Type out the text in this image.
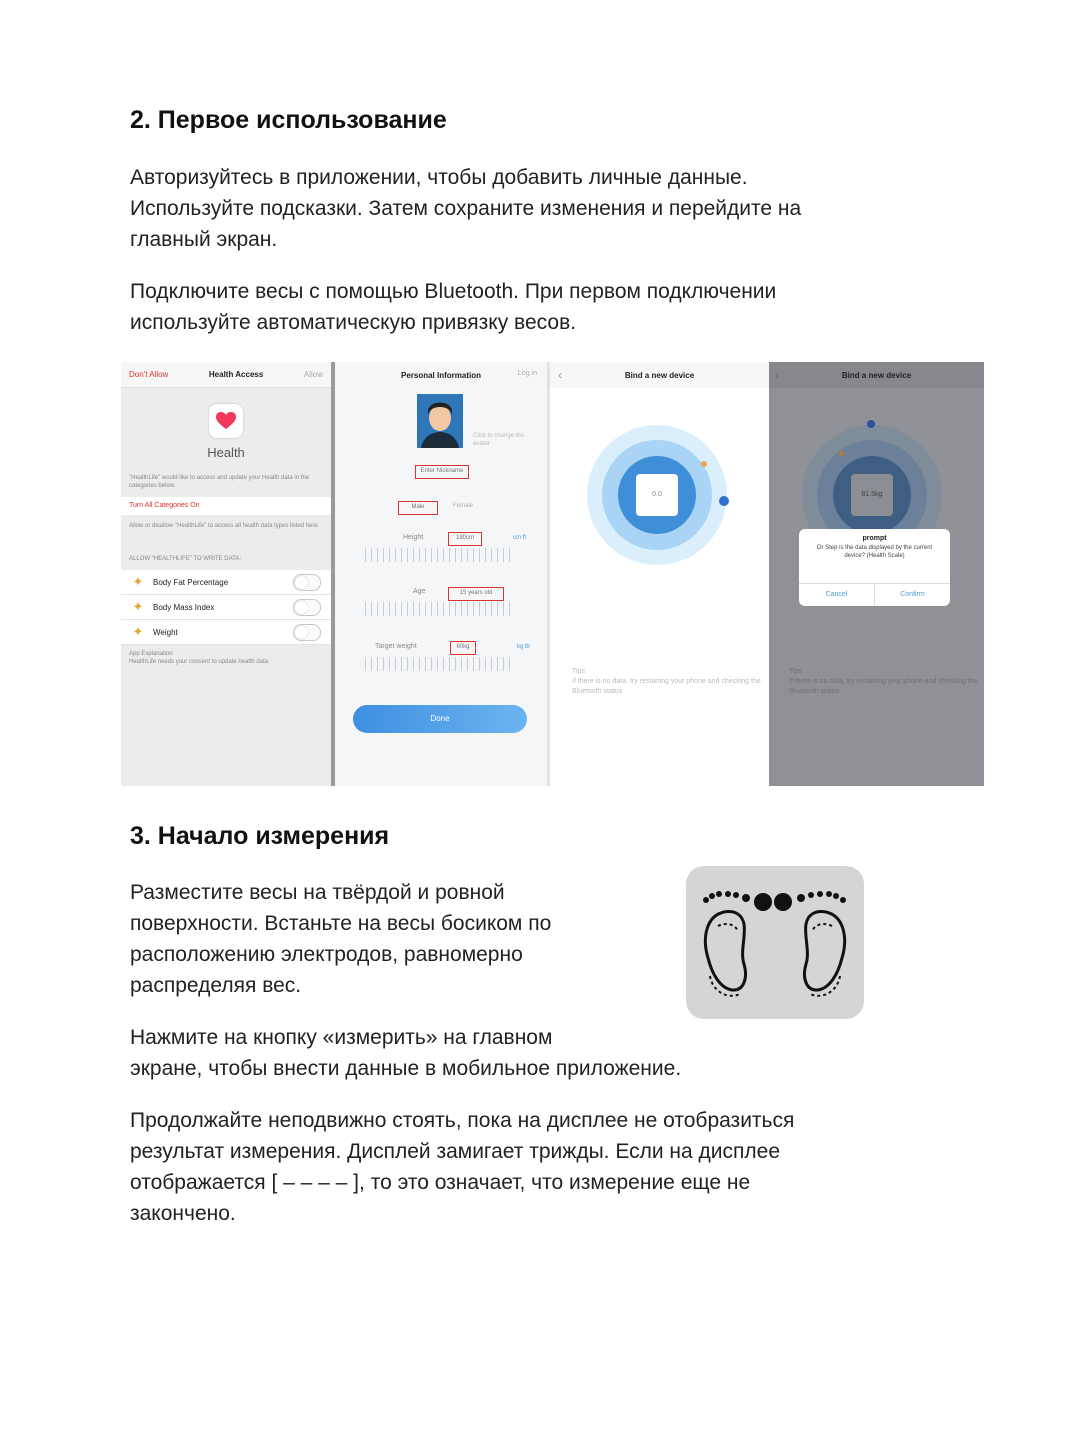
2. Первое использование

Авторизуйтесь в приложении, чтобы добавить личные данные.
Используйте подсказки. Затем сохраните изменения и перейдите на
главный экран.

Подключите весы с помощью Bluetooth. При первом подключении
используйте автоматическую привязку весов.

Don't Allow	Health Access	Allow
Health
"HealthLife" would like to access and update your Health data in the categories below.
Turn All Categories On
Allow or disallow "HealthLife" to access all health data types listed here.
ALLOW "HEALTHLIFE" TO WRITE DATA:
✦ Body Fat Percentage
✦ Body Mass Index
✦ Weight
App Explanation
HealthLife needs your consent to update health data
Personal Information	Log in
Click to change the avatar
Enter Nickname
Male	Female
Height	180cm	cm ft
Age	15 years old
Target weight	60kg	kg lb
Done
Bind a new device
‹
0.0
Tips
If there is no data, try restarting your phone and checking the Bluetooth status
Bind a new device
‹
81.5kg
prompt
Or Step is the data displayed by the current device? (Health Scale)
Cancel	Confirm
Tips
If there is no data, try restarting your phone and checking the Bluetooth status
3. Начало измерения

Разместите весы на твёрдой и ровной
поверхности. Встаньте на весы босиком по
расположению электродов, равномерно
распределяя вес.

Нажмите на кнопку «измерить» на главном
экране, чтобы внести данные в мобильное приложение.

Продолжайте неподвижно стоять, пока на дисплее не отобразиться
результат измерения. Дисплей замигает трижды. Если на дисплее
отображается [ – – – – ], то это означает, что измерение еще не
закончено.
